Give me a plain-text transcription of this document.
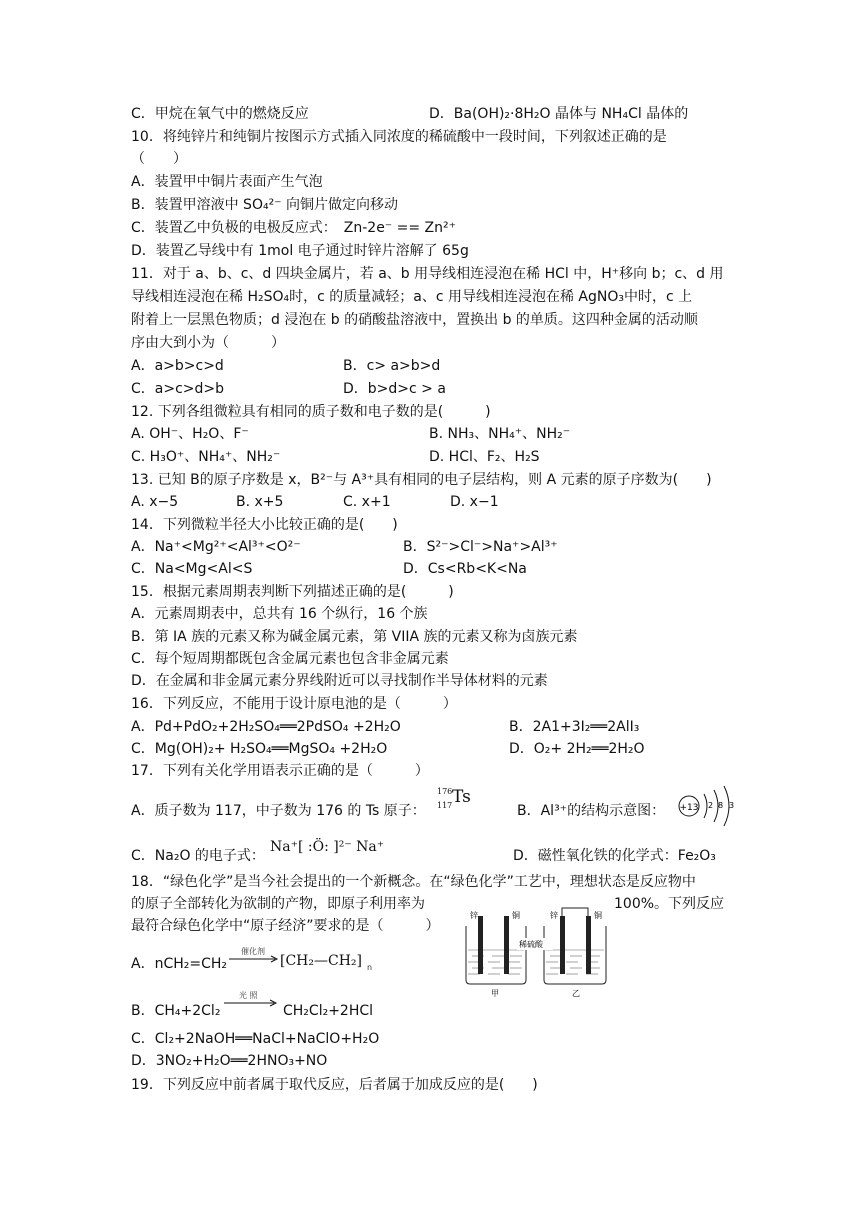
C．甲烷在氧气中的燃烧反应	D．Ba(OH)₂·8H₂O 晶体与 NH₄Cl 晶体的
10．将纯锌片和纯铜片按图示方式插入同浓度的稀硫酸中一段时间，下列叙述正确的是
（　　）
A．装置甲中铜片表面产生气泡
B．装置甲溶液中 SO₄²⁻ 向铜片做定向移动
C．装置乙中负极的电极反应式：　Zn-2e⁻ == Zn²⁺
D．装置乙导线中有 1mol 电子通过时锌片溶解了 65g
11．对于 a、b、c、d 四块金属片，若 a、b 用导线相连浸泡在稀 HCl 中，H⁺移向 b；c、d 用
导线相连浸泡在稀 H₂SO₄时，c 的质量减轻；a、c 用导线相连浸泡在稀 AgNO₃中时，c 上
附着上一层黑色物质；d 浸泡在 b 的硝酸盐溶液中，置换出 b 的单质。这四种金属的活动顺
序由大到小为（　　　）
A．a>b>c>d	B．c> a>b>d
C．a>c>d>b	D．b>d>c > a
12. 下列各组微粒具有相同的质子数和电子数的是(　　　)
A. OH⁻、H₂O、F⁻	B. NH₃、NH₄⁺、NH₂⁻
C. H₃O⁺、NH₄⁺、NH₂⁻	D. HCl、F₂、H₂S
13. 已知 B的原子序数是 x，B²⁻与 A³⁺具有相同的电子层结构，则 A 元素的原子序数为(　　)
A. x−5	B. x+5	C. x+1	D. x−1
14．下列微粒半径大小比较正确的是(　　)
A．Na⁺<Mg²⁺<Al³⁺<O²⁻	B．S²⁻>Cl⁻>Na⁺>Al³⁺
C．Na<Mg<Al<S	D．Cs<Rb<K<Na
15．根据元素周期表判断下列描述正确的是(　　　)
A．元素周期表中，总共有 16 个纵行，16 个族
B．第 IA 族的元素又称为碱金属元素，第 VIIA 族的元素又称为卤族元素
C．每个短周期都既包含金属元素也包含非金属元素
D．在金属和非金属元素分界线附近可以寻找制作半导体材料的元素
16．下列反应，不能用于设计原电池的是（　　　）
A．Pd+PdO₂+2H₂SO₄══2PdSO₄ +2H₂O	B．2A1+3I₂══2AlI₃
C．Mg(OH)₂+ H₂SO₄══MgSO₄ +2H₂O	D．O₂+ 2H₂══2H₂O
17．下列有关化学用语表示正确的是（　　　）
A．质子数为 117，中子数为 176 的 Ts 原子：
176
117 Ts
B．Al³⁺的结构示意图： +13 2 8 3
C．Na₂O 的电子式：
Na⁺[ :Ö: ]²⁻ Na⁺
D．磁性氧化铁的化学式：Fe₂O₃
18．“绿色化学”是当今社会提出的一个新概念。在“绿色化学”工艺中，理想状态是反应物中
的原子全部转化为欲制的产物，即原子利用率为	100%。下列反应
最符合绿色化学中“原子经济”要求的是（　　　）
A．nCH₂=CH₂
催化剂
[CH₂—CH₂] n
B．CH₄+2Cl₂
光 照
CH₂Cl₂+2HCl
C．Cl₂+2NaOH══NaCl+NaClO+H₂O
D．3NO₂+H₂O══2HNO₃+NO
19．下列反应中前者属于取代反应，后者属于加成反应的是(　　)
锌	铜
甲
锌	铜
稀硫酸
乙
